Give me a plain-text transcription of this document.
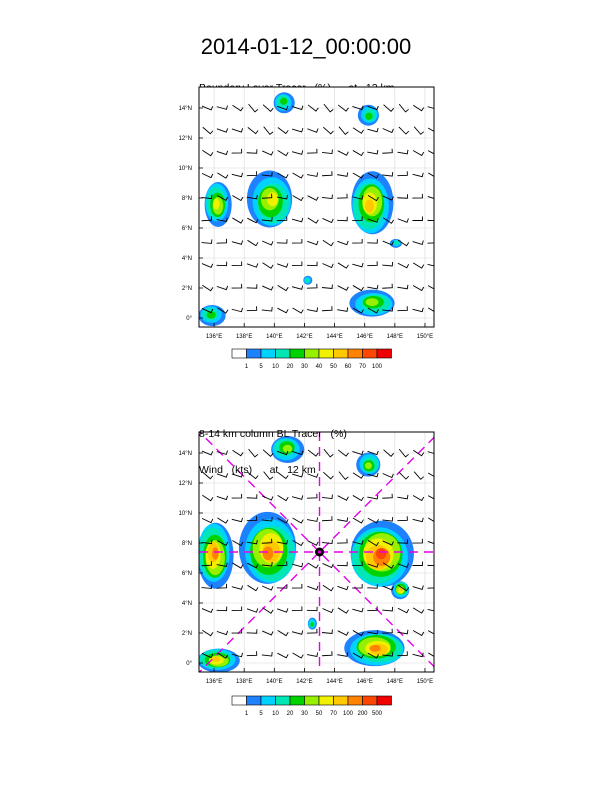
2014-01-12_00:00:00

136°E 138°E 140°E 142°E 144°E 146°E 148°E 150°E
0°
2°N
4°N
6°N
8°N
10°N
12°N
14°N
1 5 10 20 30 40 50 60 70 100
136°E 138°E 140°E 142°E 144°E 146°E 148°E 150°E
0°
2°N
4°N
6°N
8°N
10°N
12°N
14°N
1 5 10 20 30 50 70 100 200 500

8-14 km column BL Tracer   (%)

Wind   (kts)      at   12 km
